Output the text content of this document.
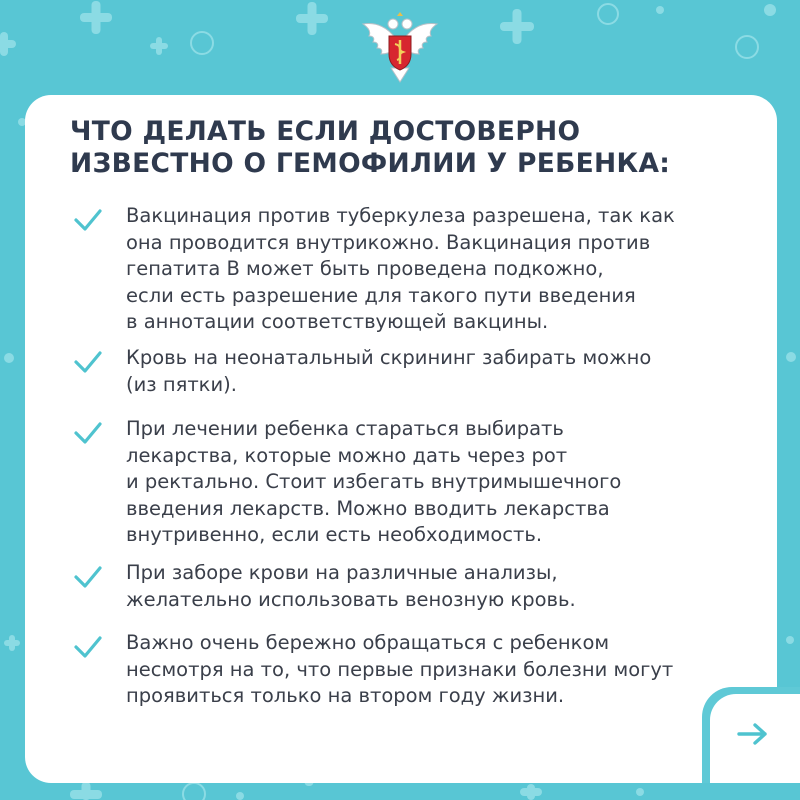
ЧТО ДЕЛАТЬ ЕСЛИ ДОСТОВЕРНО
ИЗВЕСТНО О ГЕМОФИЛИИ У РЕБЕНКА:
Вакцинация против туберкулеза разрешена, так как
она проводится внутрикожно. Вакцинация против
гепатита В может быть проведена подкожно,
если есть разрешение для такого пути введения
в аннотации соответствующей вакцины.
Кровь на неонатальный скрининг забирать можно
(из пятки).
При лечении ребенка стараться выбирать
лекарства, которые можно дать через рот
и ректально. Стоит избегать внутримышечного
введения лекарств. Можно вводить лекарства
внутривенно, если есть необходимость.
При заборе крови на различные анализы,
желательно использовать венозную кровь.
Важно очень бережно обращаться с ребенком
несмотря на то, что первые признаки болезни могут
проявиться только на втором году жизни.
